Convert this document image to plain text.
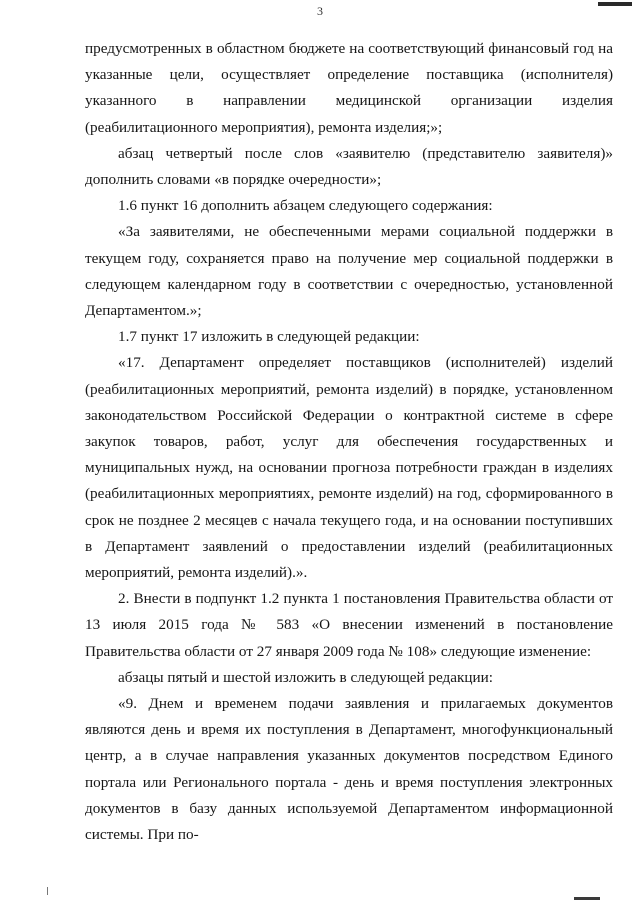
3

предусмотренных в областном бюджете на соответствующий финансовый год на указанные цели, осуществляет определение поставщика (исполнителя) указанного в направлении медицинской организации изделия (реабилитационного мероприятия), ремонта изделия;»;

абзац четвертый после слов «заявителю (представителю заявителя)» дополнить словами «в порядке очередности»;

1.6 пункт 16 дополнить абзацем следующего содержания:

«За заявителями, не обеспеченными мерами социальной поддержки в текущем году, сохраняется право на получение мер социальной поддержки в следующем календарном году в соответствии с очередностью, установленной Департаментом.»;

1.7 пункт 17 изложить в следующей редакции:

«17. Департамент определяет поставщиков (исполнителей) изделий (реабилитационных мероприятий, ремонта изделий) в порядке, установленном законодательством Российской Федерации о контрактной системе в сфере закупок товаров, работ, услуг для обеспечения государственных и муниципальных нужд, на основании прогноза потребности граждан в изделиях (реабилитационных мероприятиях, ремонте изделий) на год, сформированного в срок не позднее 2 месяцев с начала текущего года, и на основании поступивших в Департамент заявлений о предоставлении изделий (реабилитационных мероприятий, ремонта изделий).».

2. Внести в подпункт 1.2 пункта 1 постановления Правительства области от 13 июля 2015 года № 583 «О внесении изменений в постановление Правительства области от 27 января 2009 года № 108» следующие изменение:

абзацы пятый и шестой изложить в следующей редакции:

«9. Днем и временем подачи заявления и прилагаемых документов являются день и время их поступления в Департамент, многофункциональный центр, а в случае направления указанных документов посредством Единого портала или Регионального портала - день и время поступления электронных документов в базу данных используемой Департаментом информационной системы. При по-
